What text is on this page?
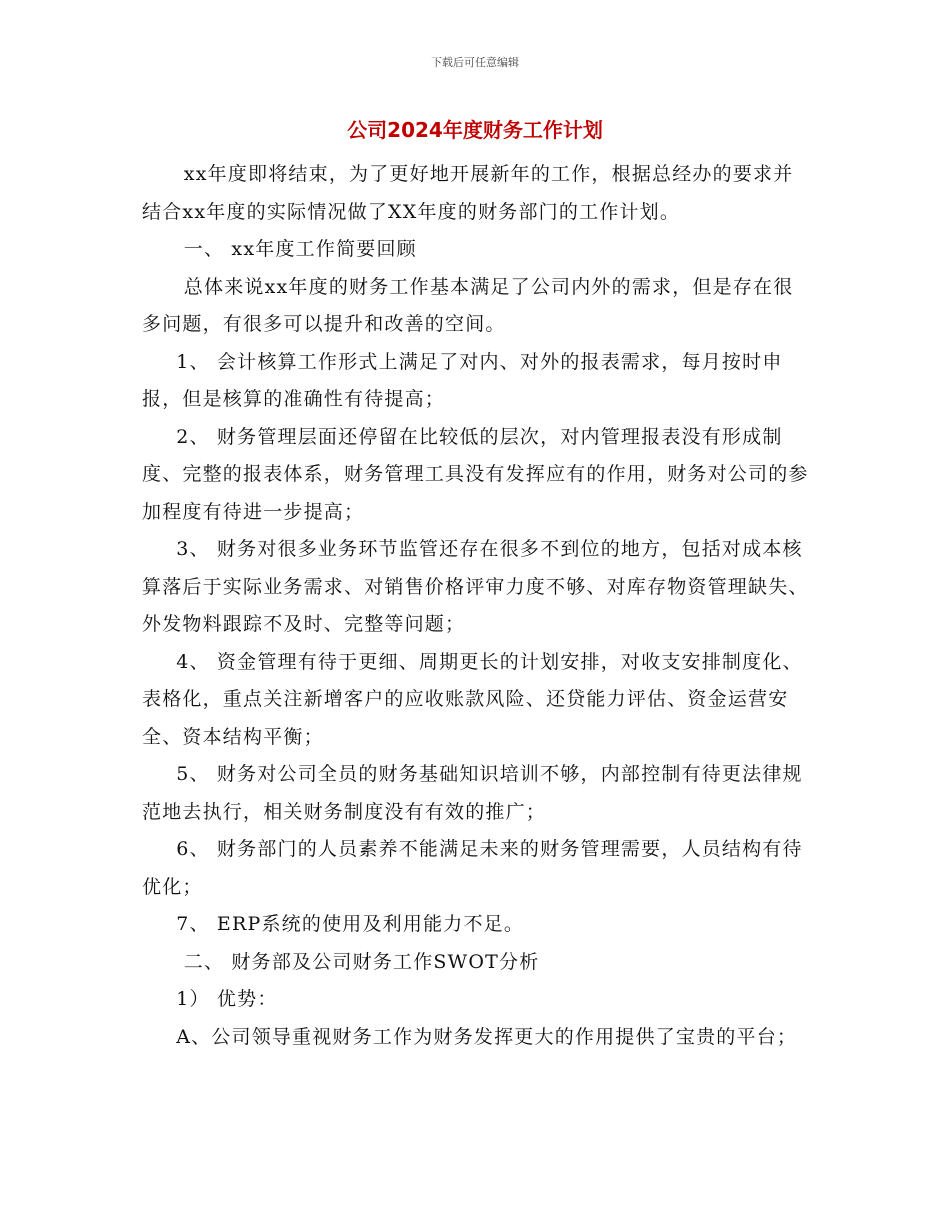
下载后可任意编辑
公司2024年度财务工作计划

xx年度即将结束，为了更好地开展新年的工作，根据总经办的要求并结合xx年度的实际情况做了XX年度的财务部门的工作计划。

一、 xx年度工作简要回顾

总体来说xx年度的财务工作基本满足了公司内外的需求，但是存在很多问题，有很多可以提升和改善的空间。

1、 会计核算工作形式上满足了对内、对外的报表需求，每月按时申报，但是核算的准确性有待提高；

2、 财务管理层面还停留在比较低的层次，对内管理报表没有形成制度、完整的报表体系，财务管理工具没有发挥应有的作用，财务对公司的参加程度有待进一步提高；

3、 财务对很多业务环节监管还存在很多不到位的地方，包括对成本核算落后于实际业务需求、对销售价格评审力度不够、对库存物资管理缺失、外发物料跟踪不及时、完整等问题；

4、 资金管理有待于更细、周期更长的计划安排，对收支安排制度化、表格化，重点关注新增客户的应收账款风险、还贷能力评估、资金运营安全、资本结构平衡；

5、 财务对公司全员的财务基础知识培训不够，内部控制有待更法律规范地去执行，相关财务制度没有有效的推广；

6、 财务部门的人员素养不能满足未来的财务管理需要，人员结构有待优化；

7、 ERP系统的使用及利用能力不足。

二、 财务部及公司财务工作SWOT分析

1） 优势：

A、公司领导重视财务工作为财务发挥更大的作用提供了宝贵的平台；
